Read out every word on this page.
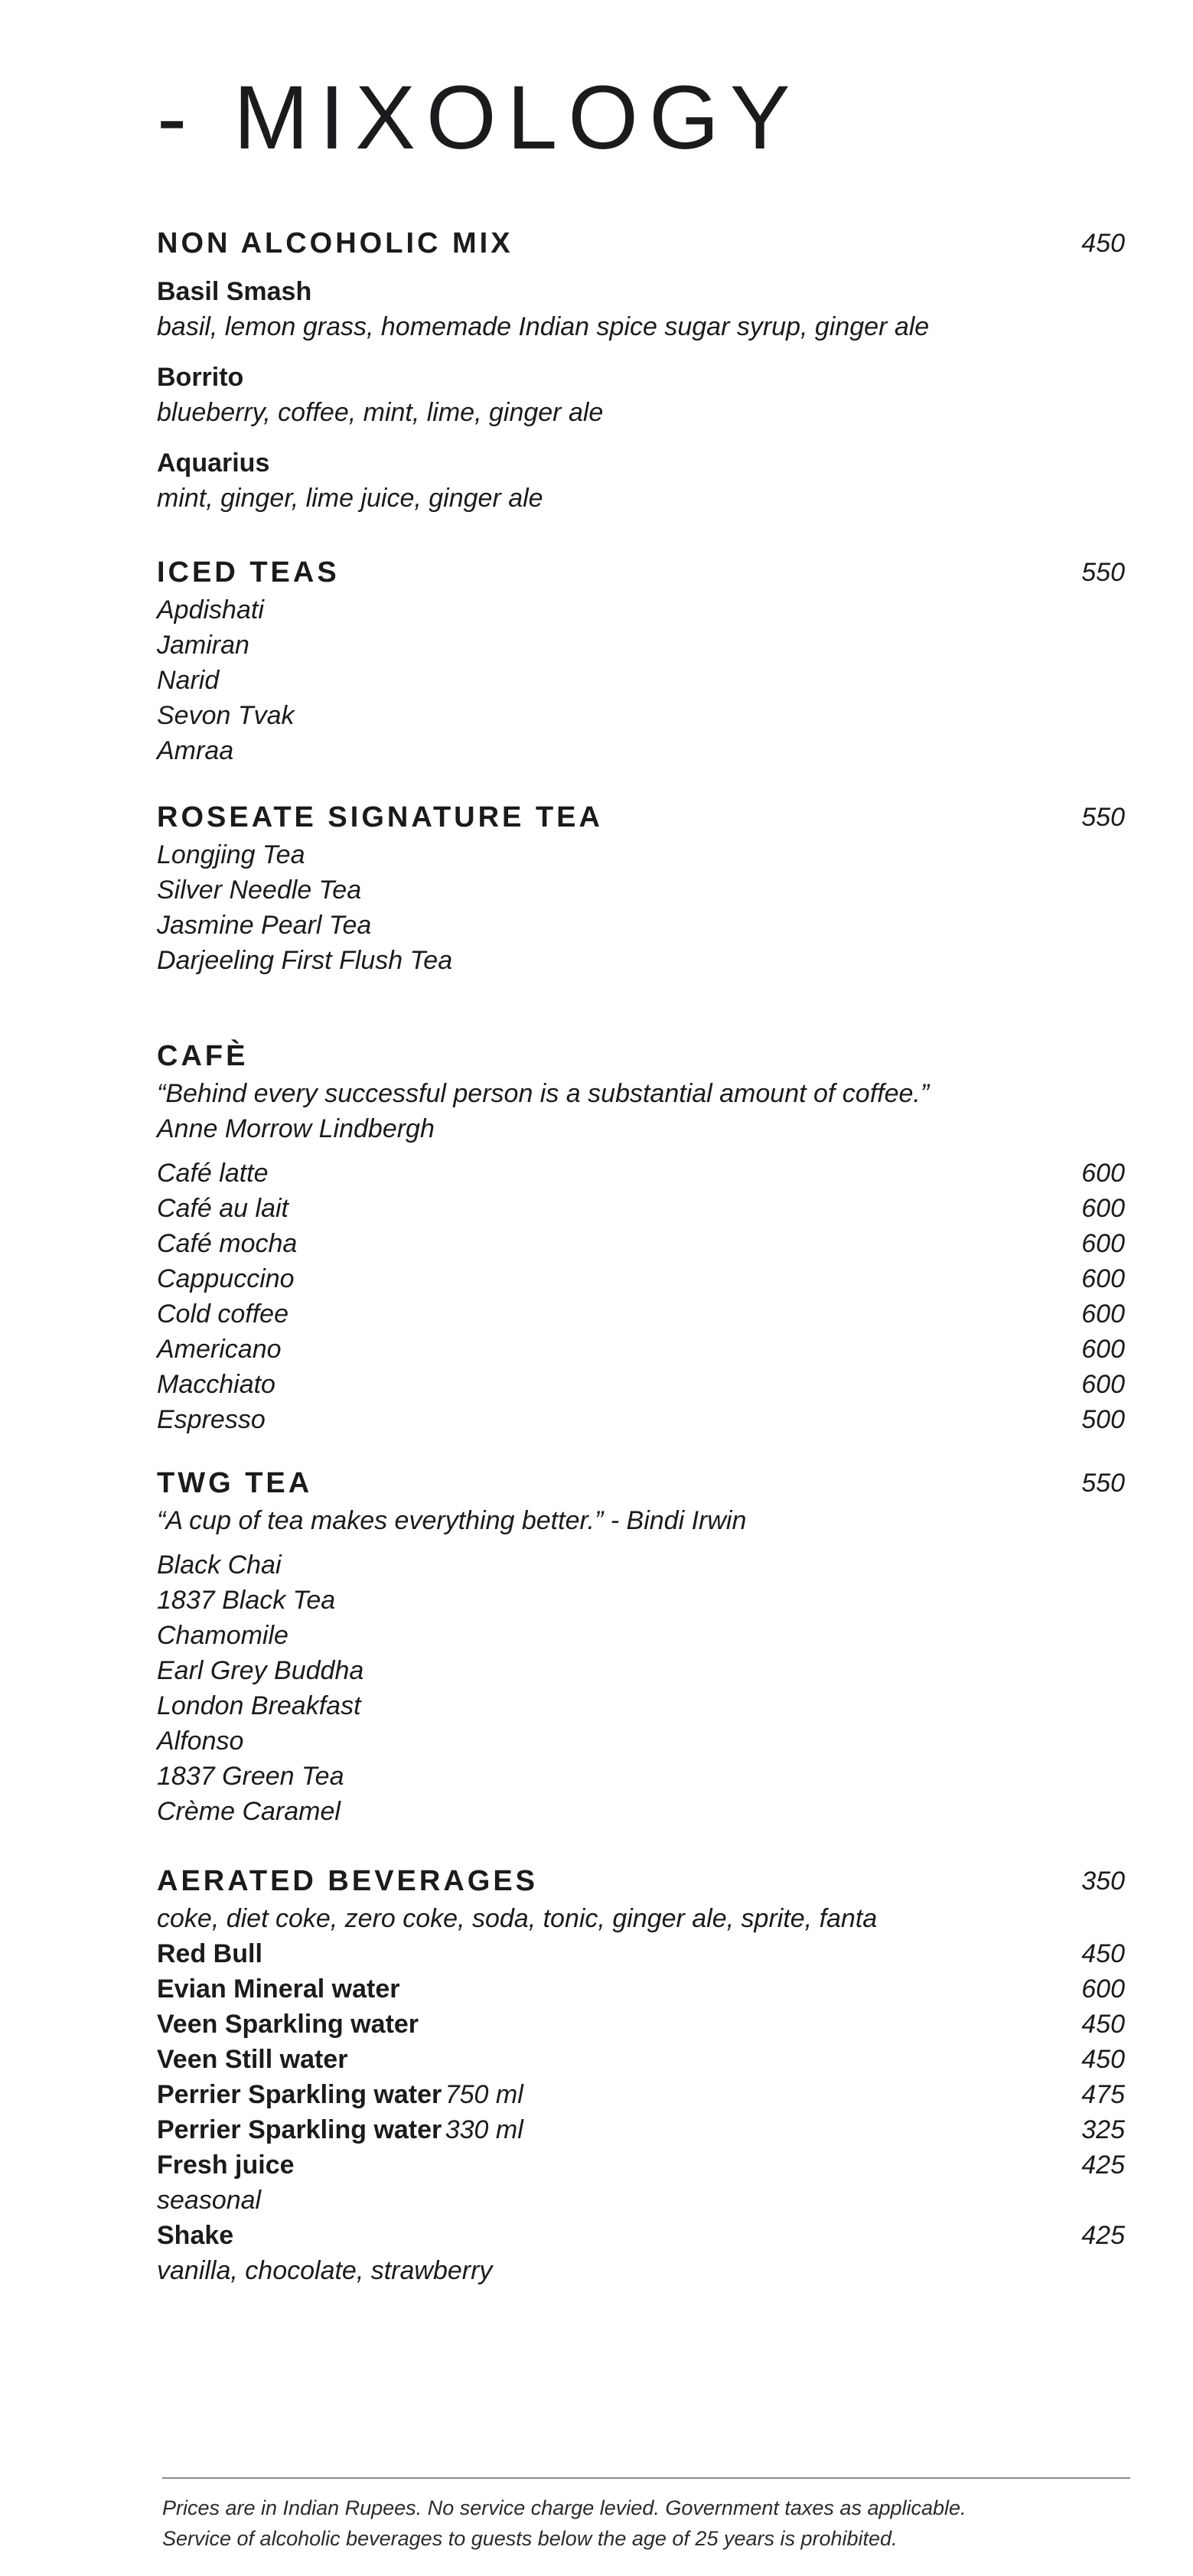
- MIXOLOGY
NON ALCOHOLIC MIX	450
Basil Smash
basil, lemon grass, homemade Indian spice sugar syrup, ginger ale
Borrito
blueberry, coffee, mint, lime, ginger ale
Aquarius
mint, ginger, lime juice, ginger ale
ICED TEAS	550
Apdishati
Jamiran
Narid
Sevon Tvak
Amraa
ROSEATE SIGNATURE TEA	550
Longjing Tea
Silver Needle Tea
Jasmine Pearl Tea
Darjeeling First Flush Tea
CAFÈ
“Behind every successful person is a substantial amount of coffee.”
Anne Morrow Lindbergh
Café latte	600
Café au lait	600
Café mocha	600
Cappuccino	600
Cold coffee	600
Americano	600
Macchiato	600
Espresso	500
TWG TEA	550
“A cup of tea makes everything better.” - Bindi Irwin
Black Chai
1837 Black Tea
Chamomile
Earl Grey Buddha
London Breakfast
Alfonso
1837 Green Tea
Crème Caramel
AERATED BEVERAGES	350
coke, diet coke, zero coke, soda, tonic, ginger ale, sprite, fanta
Red Bull	450
Evian Mineral water	600
Veen Sparkling water	450
Veen Still water	450
Perrier Sparkling water 750 ml	475
Perrier Sparkling water 330 ml	325
Fresh juice	425
seasonal
Shake	425
vanilla, chocolate, strawberry
Prices are in Indian Rupees. No service charge levied. Government taxes as applicable.
Service of alcoholic beverages to guests below the age of 25 years is prohibited.
